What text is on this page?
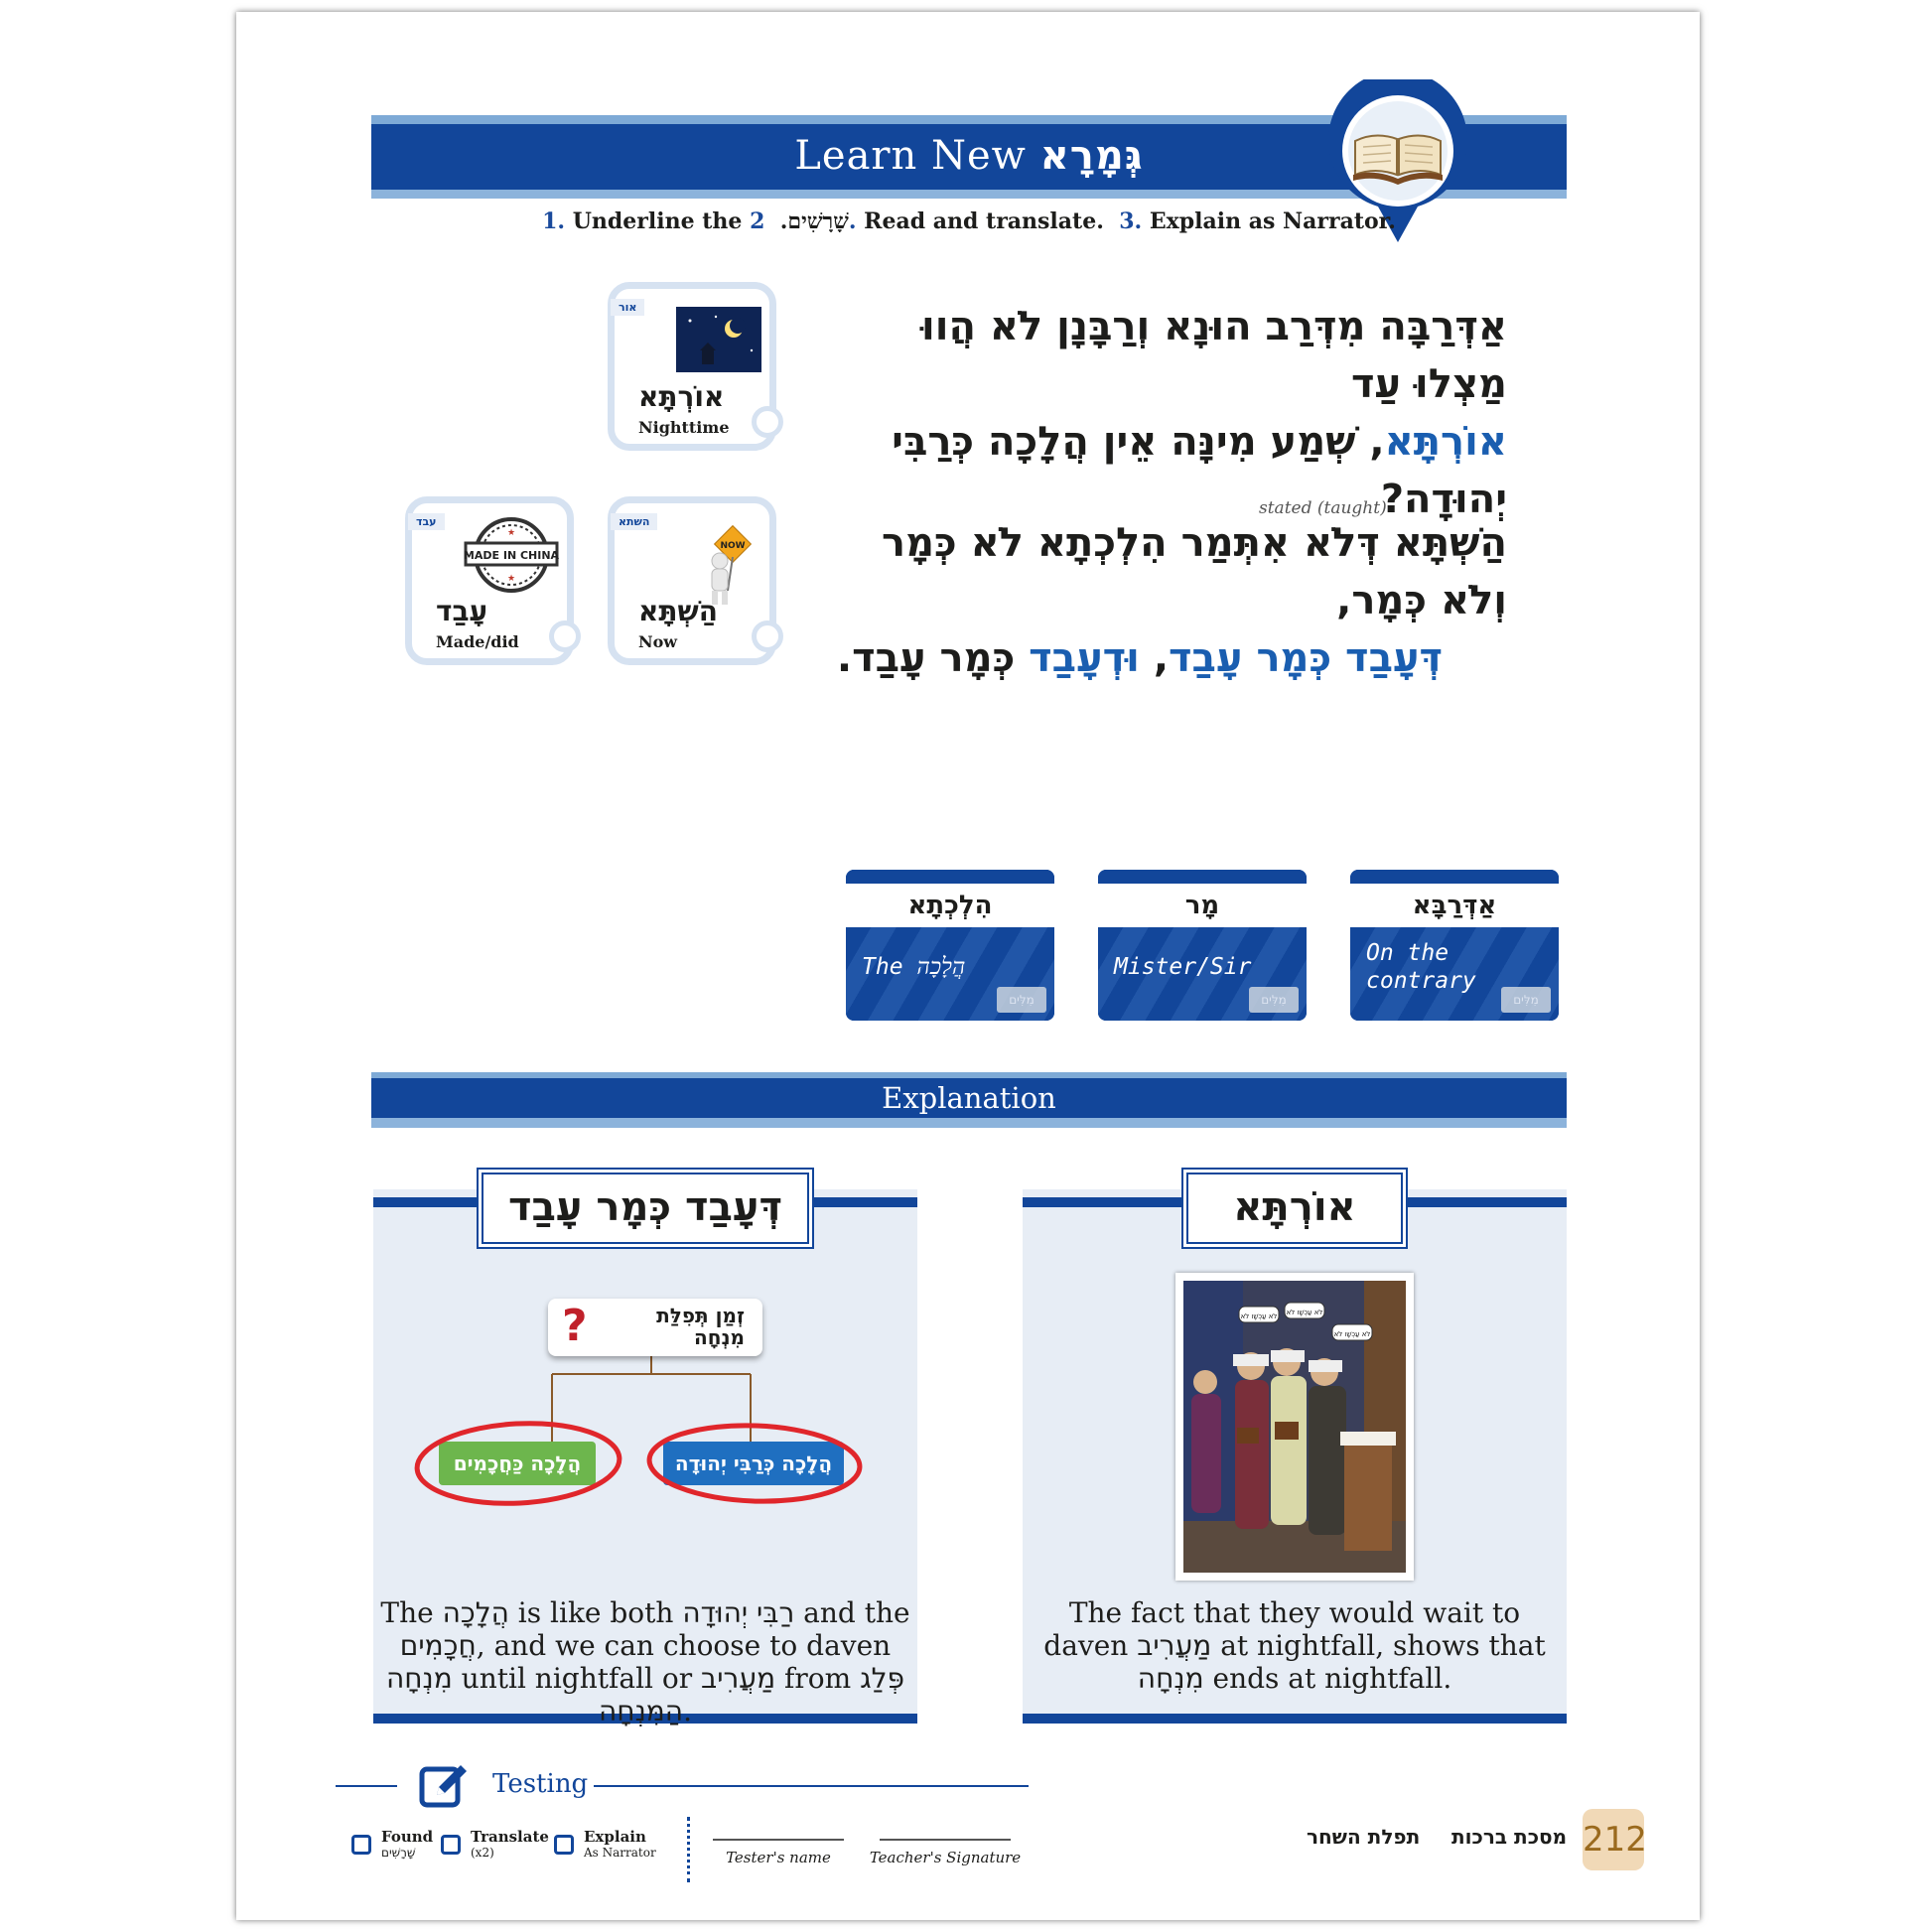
Learn New גְּמָרָא
1. Underline the שָׁרָשִׁים.  2. Read and translate. 3. Explain as Narrator.
אור
אוֹרְתָּא
Nighttime
השתא
NOW
הַשְׁתָּא
Now
עבד
MADE IN CHINA
★
★
עָבַד
Made/did
אַדְּרַבָּה מִדְּרַב הוּנָא וְרַבָּנָן לֹא הֲווּ מַצְלוּ עַד
אוֹרְתָּא, שְׁמַע מִינָּה אֵין הֲלָכָה כְּרַבִּי יְהוּדָה?
stated (taught)
הַשְׁתָּא דְּלֹא אִתְּמַר הִלְכְתָא לֹא כְּמָר וְלֹא כְּמָר,
דְּעָבַד כְּמָר עָבַד, וּדְעָבַד כְּמָר עָבַד.
אַדְּרַבָּא
On the
contrary
מִלִּים
מָר
Mister/Sir
מִלִּים
הִלְכְתָא
The הֲלָכָה
מִלִּים
Explanation
אוֹרְתָּא
לֹא עַכְשָׁו לֹא לֹא עַכְשָׁו לֹא
לֹא עַכְשָׁו לֹא
The fact that they would wait to daven מַעֲרִיב at nightfall, shows that מִנְחָה ends at nightfall.
דְּעָבַד כְּמָר עָבַד
זְמַן תְּפִלַּת
מִנְחָה
?
הֲלָכָה כַּחֲכָמִים	הֲלָכָה כְּרַבִּי יְהוּדָה
The הֲלָכָה is like both רַבִּי יְהוּדָה and the חֲכָמִים, and we can choose to daven מִנְחָה until nightfall or מַעֲרִיב from פְּלַג הַמִּנְחָה.
Testing
Found
שָׁרָשִׁים
Translate
(x2)
Explain
As Narrator	Tester's name	Teacher's Signature
מסכת ברכות
תפלת השחר	212
